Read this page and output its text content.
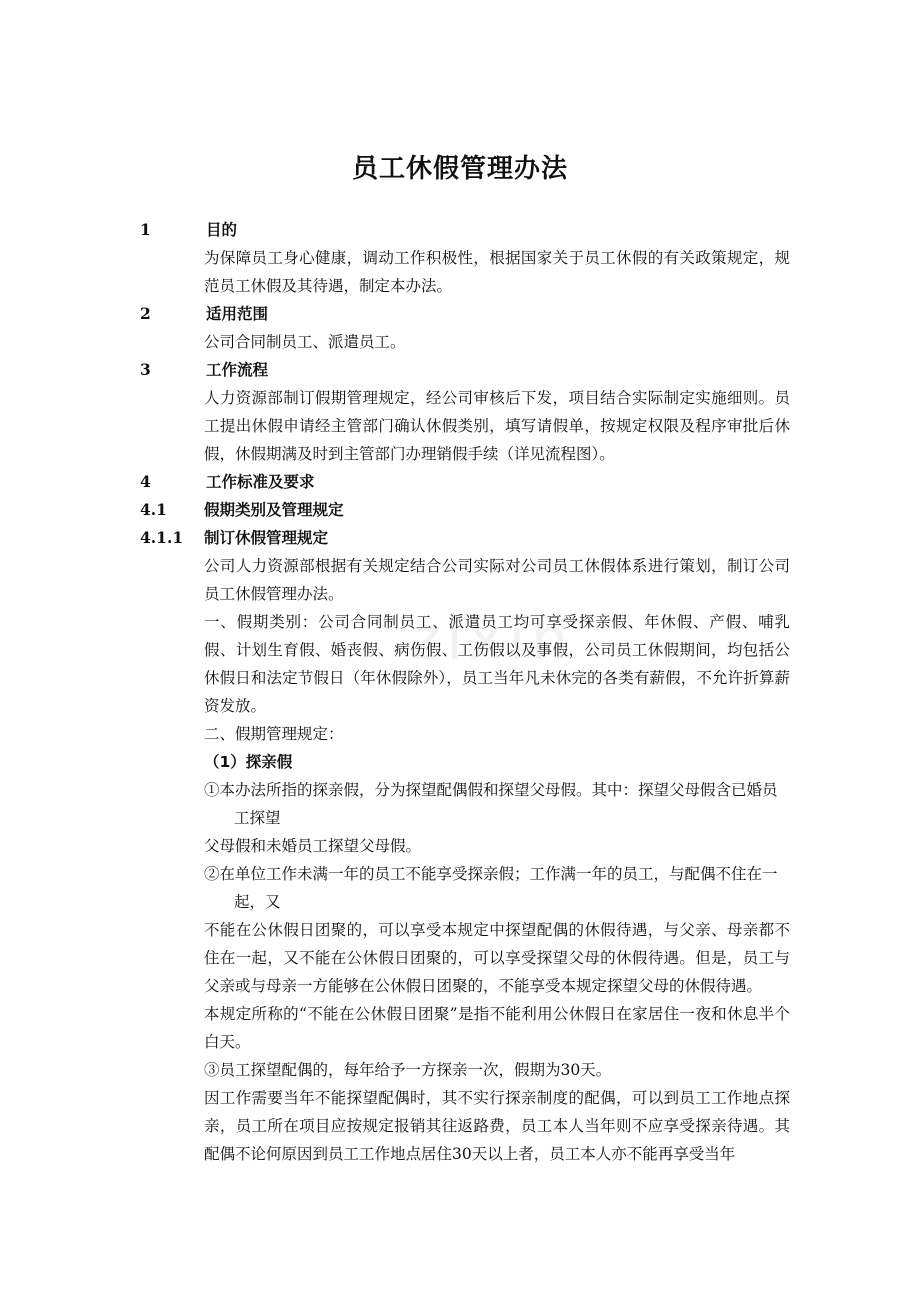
zixin
员工休假管理办法
1	目的
为保障员工身心健康，调动工作积极性，根据国家关于员工休假的有关政策规定，规范员工休假及其待遇，制定本办法。
2	适用范围
公司合同制员工、派遣员工。
3	工作流程
人力资源部制订假期管理规定，经公司审核后下发，项目结合实际制定实施细则。员工提出休假申请经主管部门确认休假类别，填写请假单，按规定权限及程序审批后休假，休假期满及时到主管部门办理销假手续（详见流程图）。
4	工作标准及要求
4.1 假期类别及管理规定
4.1.1 制订休假管理规定
公司人力资源部根据有关规定结合公司实际对公司员工休假体系进行策划，制订公司员工休假管理办法。
一、假期类别：公司合同制员工、派遣员工均可享受探亲假、年休假、产假、哺乳假、计划生育假、婚丧假、病伤假、工伤假以及事假，公司员工休假期间，均包括公休假日和法定节假日（年休假除外），员工当年凡未休完的各类有薪假，不允许折算薪资发放。
二、假期管理规定：
（1）探亲假
①本办法所指的探亲假，分为探望配偶假和探望父母假。其中：探望父母假含已婚员工探望
父母假和未婚员工探望父母假。
②在单位工作未满一年的员工不能享受探亲假；工作满一年的员工，与配偶不住在一起，又
不能在公休假日团聚的，可以享受本规定中探望配偶的休假待遇，与父亲、母亲都不住在一起，又不能在公休假日团聚的，可以享受探望父母的休假待遇。但是，员工与父亲或与母亲一方能够在公休假日团聚的，不能享受本规定探望父母的休假待遇。
本规定所称的“不能在公休假日团聚”是指不能利用公休假日在家居住一夜和休息半个白天。
③员工探望配偶的，每年给予一方探亲一次，假期为30天。
因工作需要当年不能探望配偶时，其不实行探亲制度的配偶，可以到员工工作地点探亲，员工所在项目应按规定报销其往返路费，员工本人当年则不应享受探亲待遇。其配偶不论何原因到员工工作地点居住30天以上者，员工本人亦不能再享受当年
